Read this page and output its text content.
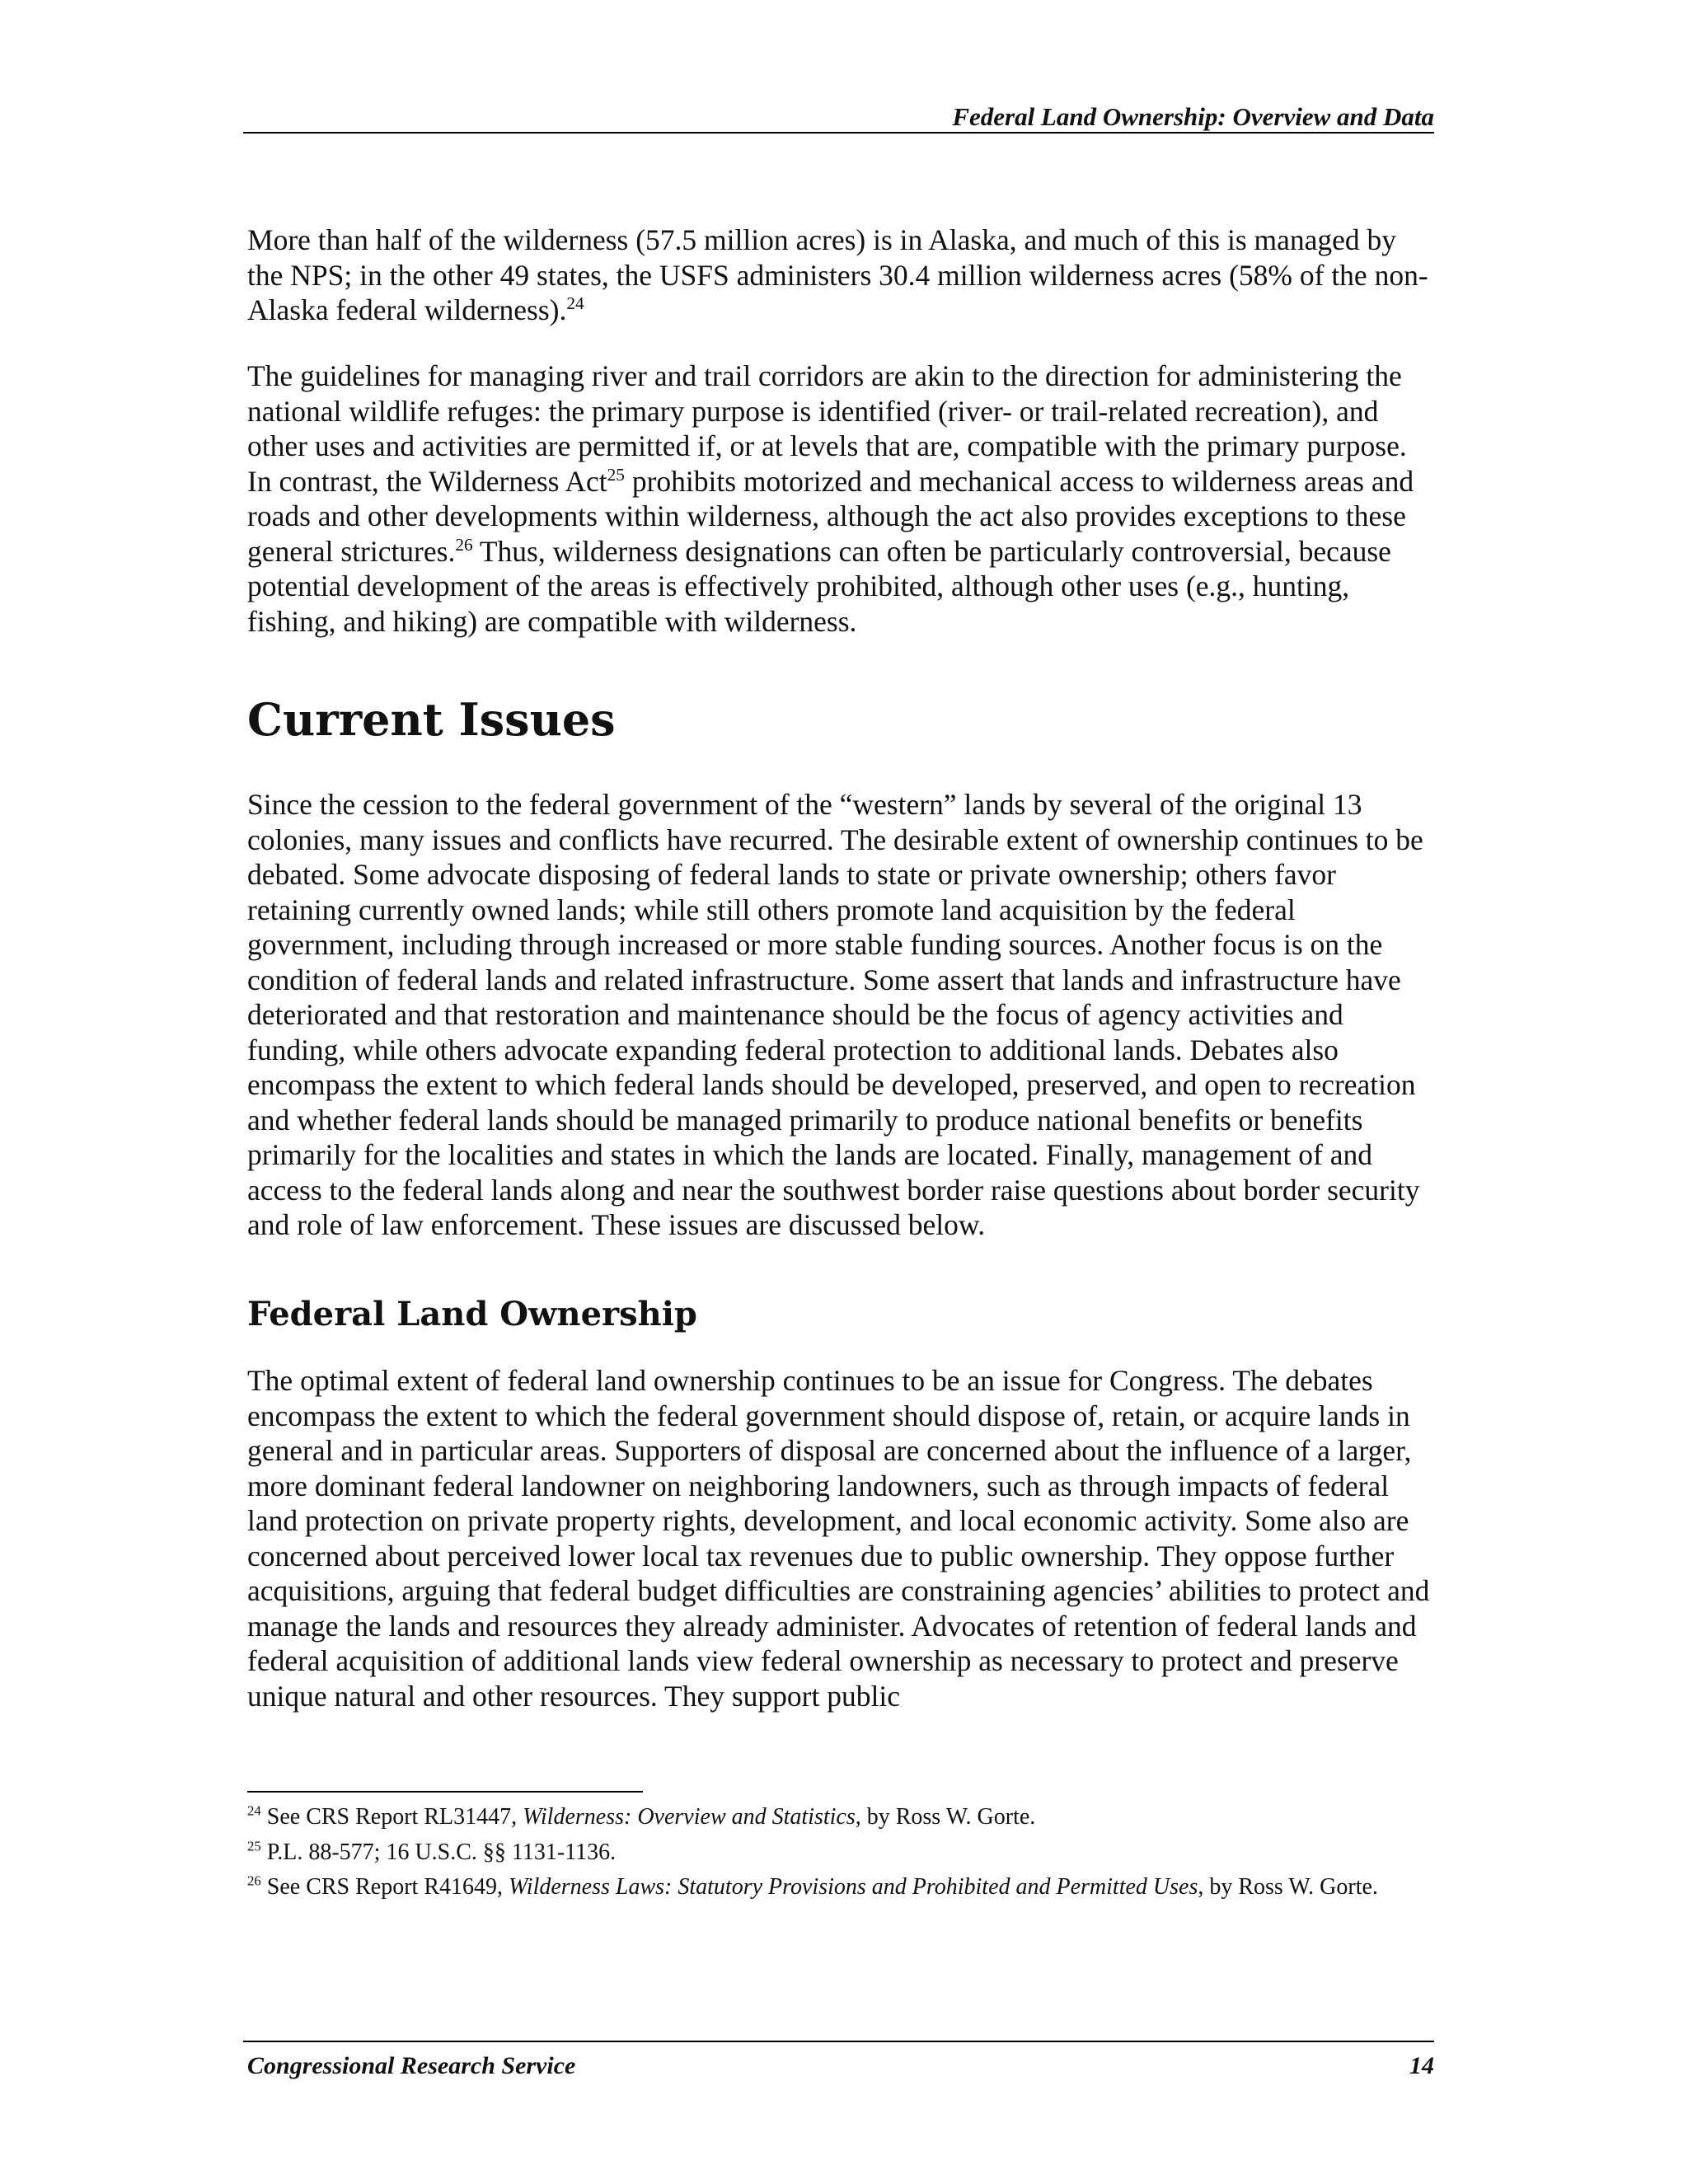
Federal Land Ownership: Overview and Data

More than half of the wilderness (57.5 million acres) is in Alaska, and much of this is managed by the NPS; in the other 49 states, the USFS administers 30.4 million wilderness acres (58% of the non-Alaska federal wilderness).$^{24}$

The guidelines for managing river and trail corridors are akin to the direction for administering the national wildlife refuges: the primary purpose is identified (river- or trail-related recreation), and other uses and activities are permitted if, or at levels that are, compatible with the primary purpose. In contrast, the Wilderness Act$^{25}$ prohibits motorized and mechanical access to wilderness areas and roads and other developments within wilderness, although the act also provides exceptions to these general strictures.$^{26}$ Thus, wilderness designations can often be particularly controversial, because potential development of the areas is effectively prohibited, although other uses (e.g., hunting, fishing, and hiking) are compatible with wilderness.

Current Issues

Since the cession to the federal government of the “western” lands by several of the original 13 colonies, many issues and conflicts have recurred. The desirable extent of ownership continues to be debated. Some advocate disposing of federal lands to state or private ownership; others favor retaining currently owned lands; while still others promote land acquisition by the federal government, including through increased or more stable funding sources. Another focus is on the condition of federal lands and related infrastructure. Some assert that lands and infrastructure have deteriorated and that restoration and maintenance should be the focus of agency activities and funding, while others advocate expanding federal protection to additional lands. Debates also encompass the extent to which federal lands should be developed, preserved, and open to recreation and whether federal lands should be managed primarily to produce national benefits or benefits primarily for the localities and states in which the lands are located. Finally, management of and access to the federal lands along and near the southwest border raise questions about border security and role of law enforcement. These issues are discussed below.

Federal Land Ownership

The optimal extent of federal land ownership continues to be an issue for Congress. The debates encompass the extent to which the federal government should dispose of, retain, or acquire lands in general and in particular areas. Supporters of disposal are concerned about the influence of a larger, more dominant federal landowner on neighboring landowners, such as through impacts of federal land protection on private property rights, development, and local economic activity. Some also are concerned about perceived lower local tax revenues due to public ownership. They oppose further acquisitions, arguing that federal budget difficulties are constraining agencies’ abilities to protect and manage the lands and resources they already administer. Advocates of retention of federal lands and federal acquisition of additional lands view federal ownership as necessary to protect and preserve unique natural and other resources. They support public

$^{24}$ See CRS Report RL31447, Wilderness: Overview and Statistics, by Ross W. Gorte.

$^{25}$ P.L. 88-577; 16 U.S.C. §§ 1131-1136.

$^{26}$ See CRS Report R41649, Wilderness Laws: Statutory Provisions and Prohibited and Permitted Uses, by Ross W. Gorte.

Congressional Research Service	14
